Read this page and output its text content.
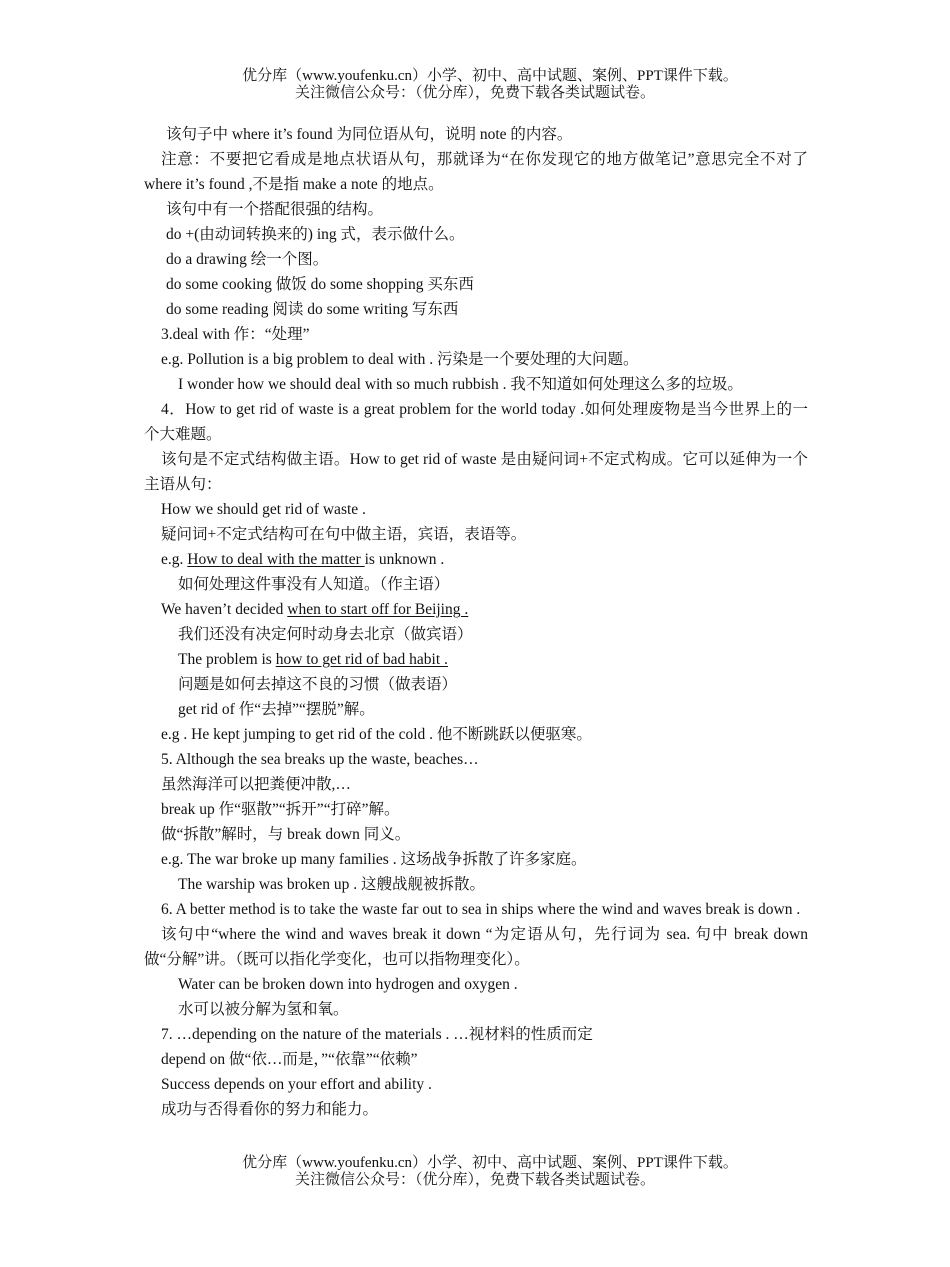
优分库（www.youfenku.cn）小学、初中、高中试题、案例、PPT课件下载。
关注微信公众号：（优分库），免费下载各类试题试卷。

该句子中 where it’s found 为同位语从句，说明 note 的内容。

注意：不要把它看成是地点状语从句，那就译为“在你发现它的地方做笔记”意思完全不对了 where it’s found ,不是指 make a note 的地点。

该句中有一个搭配很强的结构。

do +(由动词转换来的) ing 式，表示做什么。

do a drawing 绘一个图。

do some cooking 做饭 do some shopping 买东西

do some reading 阅读 do some writing 写东西

3.deal with 作：“处理”

e.g. Pollution is a big problem to deal with . 污染是一个要处理的大问题。

I wonder how we should deal with so much rubbish . 我不知道如何处理这么多的垃圾。

4．How to get rid of waste is a great problem for the world today .如何处理废物是当今世界上的一个大难题。

该句是不定式结构做主语。How to get rid of waste 是由疑问词+不定式构成。它可以延伸为一个主语从句：

How we should get rid of waste .

疑问词+不定式结构可在句中做主语，宾语，表语等。

e.g. How to deal with the matter is unknown .

如何处理这件事没有人知道。（作主语）

We haven’t decided when to start off for Beijing .

我们还没有决定何时动身去北京（做宾语）

The problem is how to get rid of bad habit .

问题是如何去掉这不良的习惯（做表语）

get rid of 作“去掉”“摆脱”解。

e.g . He kept jumping to get rid of the cold . 他不断跳跃以便驱寒。

5. Although the sea breaks up the waste, beaches…

虽然海洋可以把粪便冲散,…

break up 作“驱散”“拆开”“打碎”解。

做“拆散”解时，与 break down 同义。

e.g. The war broke up many families . 这场战争拆散了许多家庭。

The warship was broken up . 这艘战舰被拆散。

6. A better method is to take the waste far out to sea in ships where the wind and waves break is down .

该句中“where the wind and waves break it down “为定语从句，先行词为 sea. 句中 break down 做“分解”讲。（既可以指化学变化，也可以指物理变化）。

Water can be broken down into hydrogen and oxygen .

水可以被分解为氢和氧。

7. …depending on the nature of the materials . …视材料的性质而定

depend on 做“依…而是，”“依靠”“依赖”

Success depends on your effort and ability .

成功与否得看你的努力和能力。

优分库（www.youfenku.cn）小学、初中、高中试题、案例、PPT课件下载。
关注微信公众号：（优分库），免费下载各类试题试卷。
